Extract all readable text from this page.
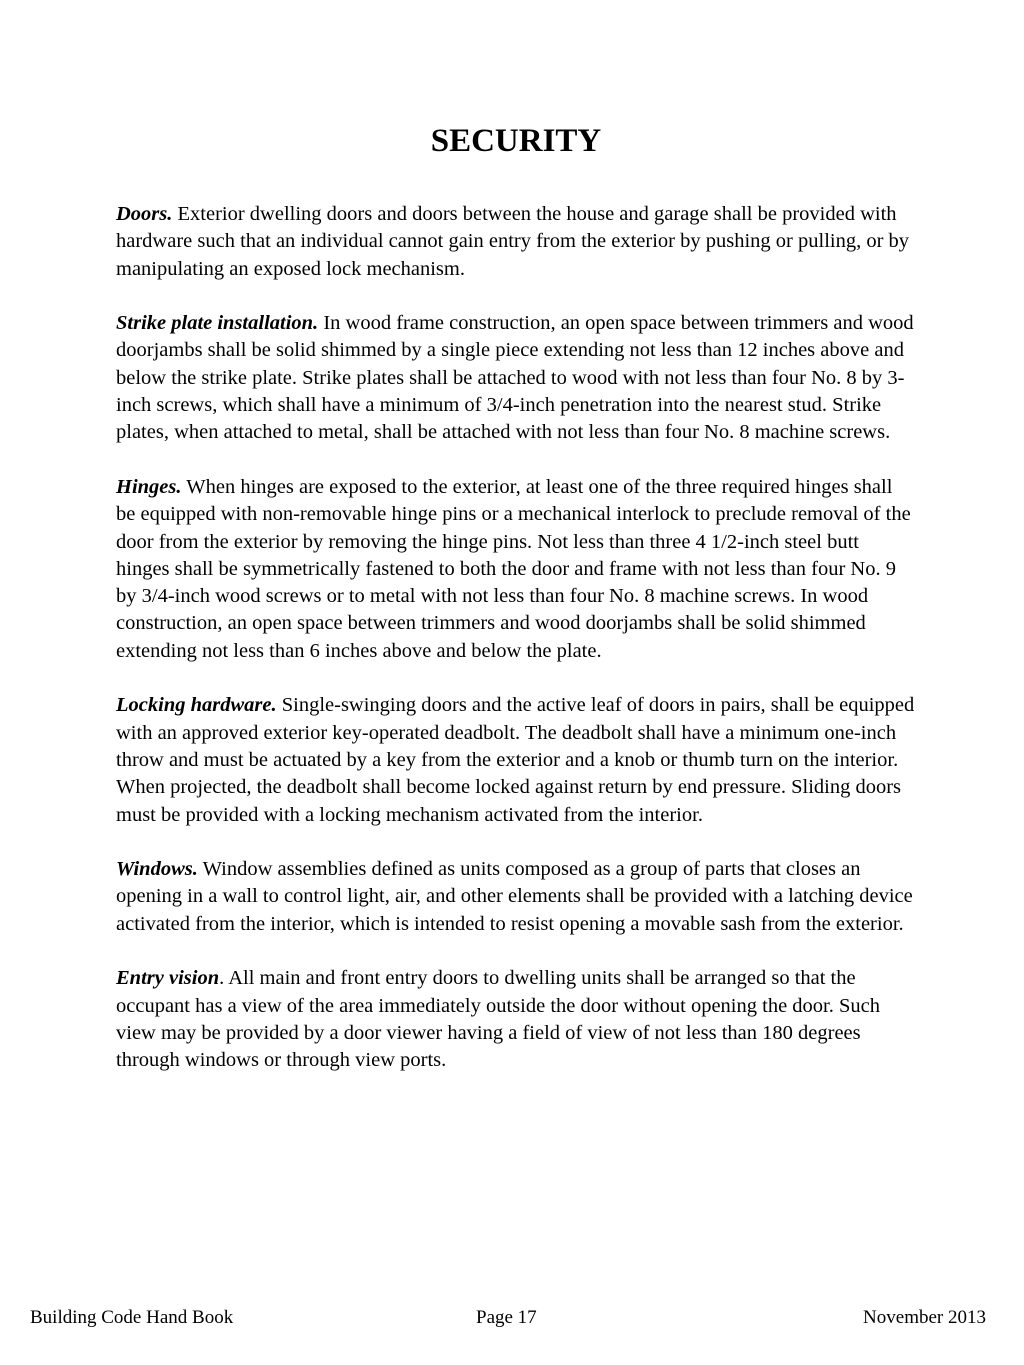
SECURITY

Doors. Exterior dwelling doors and doors between the house and garage shall be provided with hardware such that an individual cannot gain entry from the exterior by pushing or pulling, or by manipulating an exposed lock mechanism.

Strike plate installation. In wood frame construction, an open space between trimmers and wood doorjambs shall be solid shimmed by a single piece extending not less than 12 inches above and below the strike plate. Strike plates shall be attached to wood with not less than four No. 8 by 3-inch screws, which shall have a minimum of 3/4-inch penetration into the nearest stud. Strike plates, when attached to metal, shall be attached with not less than four No. 8 machine screws.

Hinges. When hinges are exposed to the exterior, at least one of the three required hinges shall be equipped with non-removable hinge pins or a mechanical interlock to preclude removal of the door from the exterior by removing the hinge pins. Not less than three 4 1/2-inch steel butt hinges shall be symmetrically fastened to both the door and frame with not less than four No. 9 by 3/4-inch wood screws or to metal with not less than four No. 8 machine screws. In wood construction, an open space between trimmers and wood doorjambs shall be solid shimmed extending not less than 6 inches above and below the plate.

Locking hardware. Single-swinging doors and the active leaf of doors in pairs, shall be equipped with an approved exterior key-operated deadbolt. The deadbolt shall have a minimum one-inch throw and must be actuated by a key from the exterior and a knob or thumb turn on the interior. When projected, the deadbolt shall become locked against return by end pressure. Sliding doors must be provided with a locking mechanism activated from the interior.

Windows. Window assemblies defined as units composed as a group of parts that closes an opening in a wall to control light, air, and other elements shall be provided with a latching device activated from the interior, which is intended to resist opening a movable sash from the exterior.

Entry vision. All main and front entry doors to dwelling units shall be arranged so that the occupant has a view of the area immediately outside the door without opening the door. Such view may be provided by a door viewer having a field of view of not less than 180 degrees through windows or through view ports.

Building Code Hand Book	Page 17	November 2013
